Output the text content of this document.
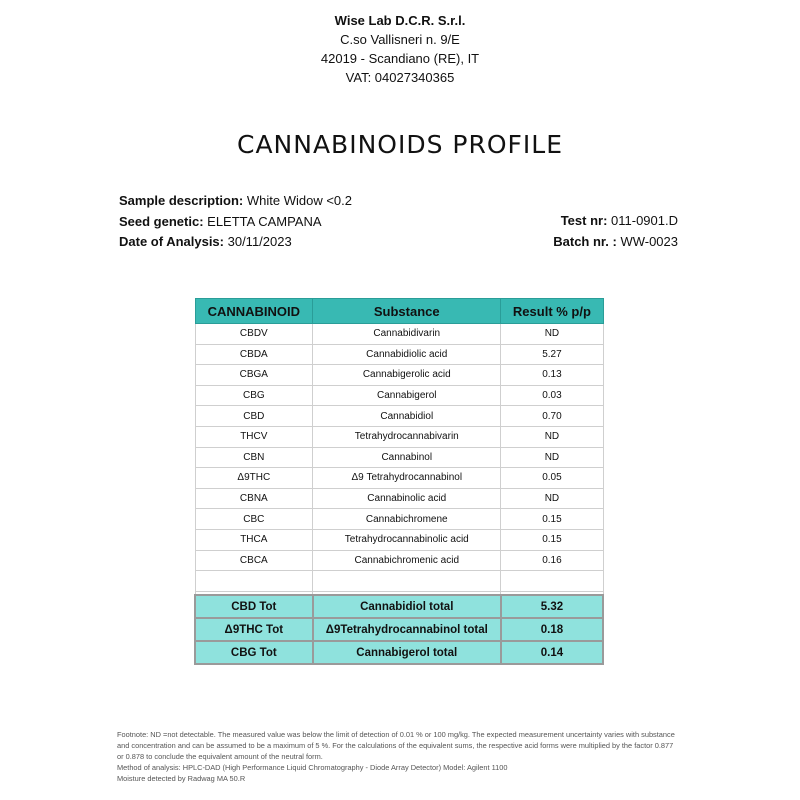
Wise Lab D.C.R. S.r.l.
C.so Vallisneri n. 9/E
42019 - Scandiano (RE), IT
VAT: 04027340365
CANNABINOIDS PROFILE
Sample description: White Widow <0.2
Seed genetic: ELETTA CAMPANA
Date of Analysis: 30/11/2023
Test nr: 011-0901.D
Batch nr. : WW-0023
CANNABINOID	Substance	Result % p/p
CBDV	Cannabidivarin	ND
CBDA	Cannabidiolic acid	5.27
CBGA	Cannabigerolic acid	0.13
CBG	Cannabigerol	0.03
CBD	Cannabidiol	0.70
THCV	Tetrahydrocannabivarin	ND
CBN	Cannabinol	ND
Δ9THC	Δ9 Tetrahydrocannabinol	0.05
CBNA	Cannabinolic acid	ND
CBC	Cannabichromene	0.15
THCA	Tetrahydrocannabinolic acid	0.15
CBCA	Cannabichromenic acid	0.16

CBD Tot	Cannabidiol total	5.32
Δ9THC Tot	Δ9Tetrahydrocannabinol total	0.18
CBG Tot	Cannabigerol total	0.14
Footnote: ND =not detectable. The measured value was below the limit of detection of 0.01 % or 100 mg/kg. The expected measurement uncertainty varies with substance and concentration and can be assumed to be a maximum of 5 %. For the calculations of the equivalent sums, the respective acid forms were multiplied by the factor 0.877 or 0.878 to conclude the equivalent amount of the neutral form.
Method of analysis: HPLC-DAD (High Performance Liquid Chromatography - Diode Array Detector) Model: Agilent 1100
Moisture detected by Radwag MA 50.R
